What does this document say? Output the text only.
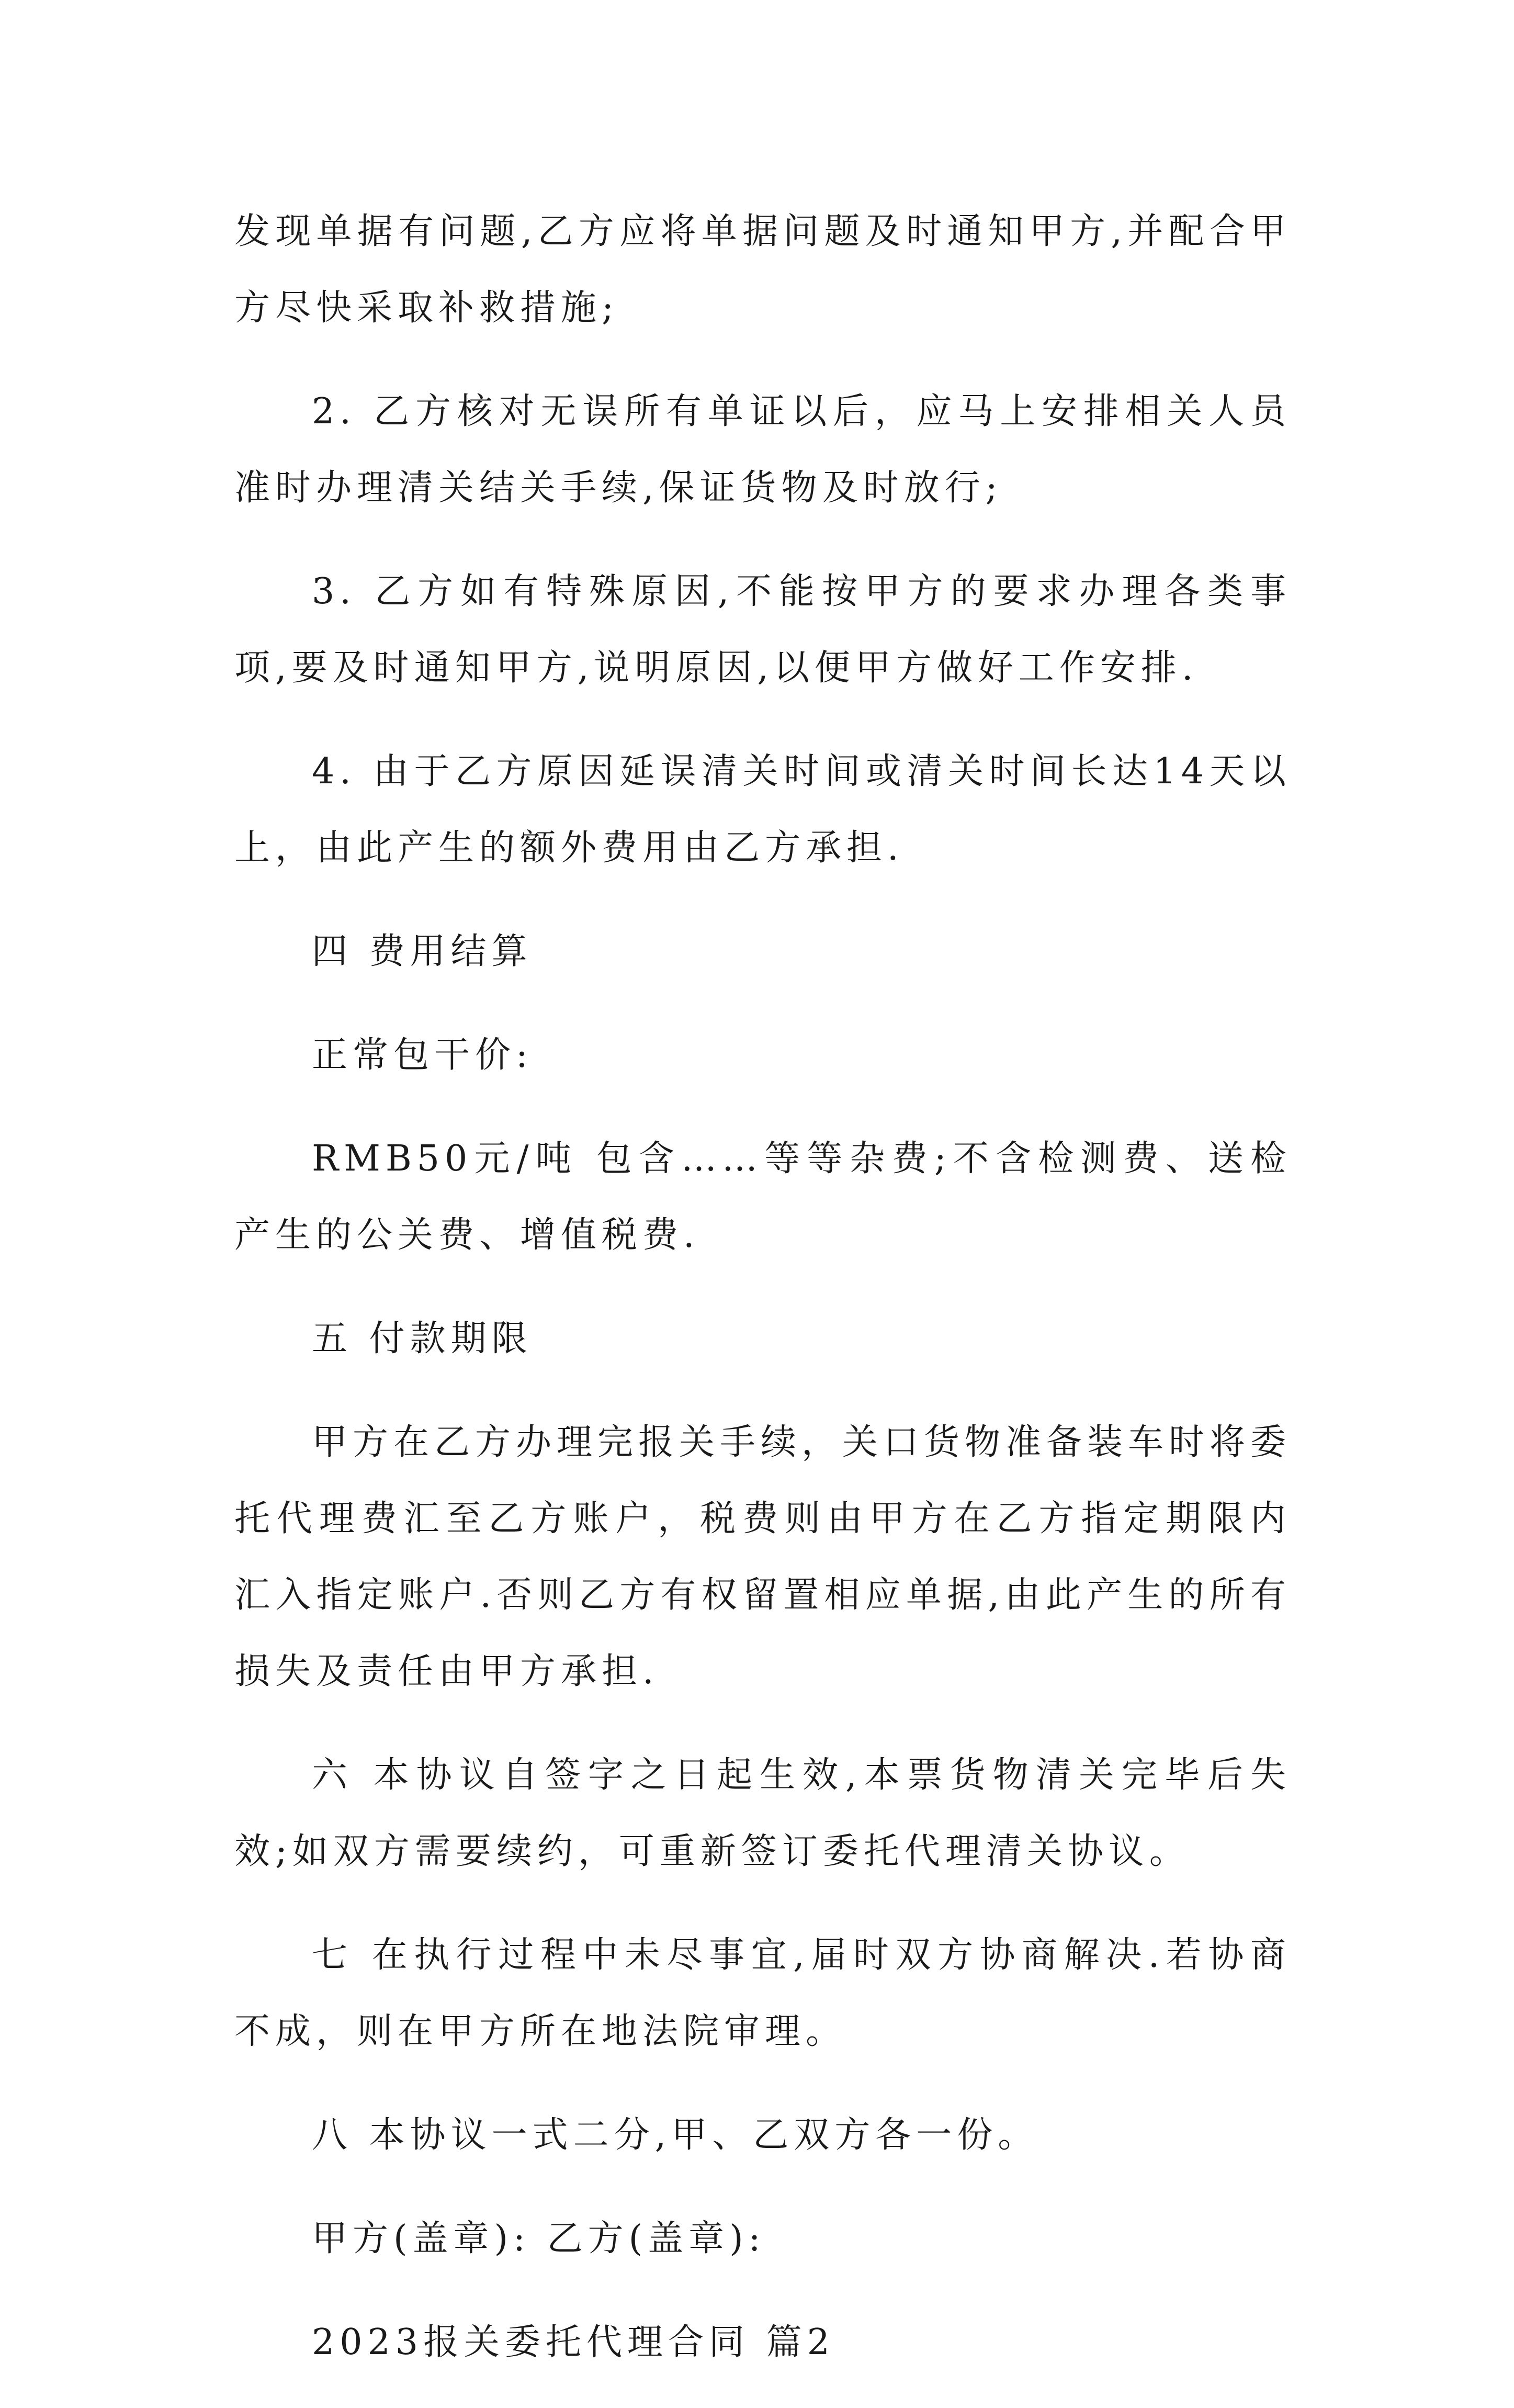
发现单据有问题,乙方应将单据问题及时通知甲方,并配合甲方尽快采取补救措施;

2. 乙方核对无误所有单证以后，应马上安排相关人员准时办理清关结关手续,保证货物及时放行;

3. 乙方如有特殊原因,不能按甲方的要求办理各类事项,要及时通知甲方,说明原因,以便甲方做好工作安排.

4. 由于乙方原因延误清关时间或清关时间长达14天以上，由此产生的额外费用由乙方承担.

四 费用结算

正常包干价:

RMB50元/吨 包含……等等杂费;不含检测费、送检产生的公关费、增值税费.

五 付款期限

甲方在乙方办理完报关手续，关口货物准备装车时将委托代理费汇至乙方账户，税费则由甲方在乙方指定期限内汇入指定账户.否则乙方有权留置相应单据,由此产生的所有损失及责任由甲方承担.

六 本协议自签字之日起生效,本票货物清关完毕后失效;如双方需要续约，可重新签订委托代理清关协议。

七 在执行过程中未尽事宜,届时双方协商解决.若协商不成，则在甲方所在地法院审理。

八 本协议一式二分,甲、乙双方各一份。

甲方(盖章): 乙方(盖章):

2023报关委托代理合同 篇2
